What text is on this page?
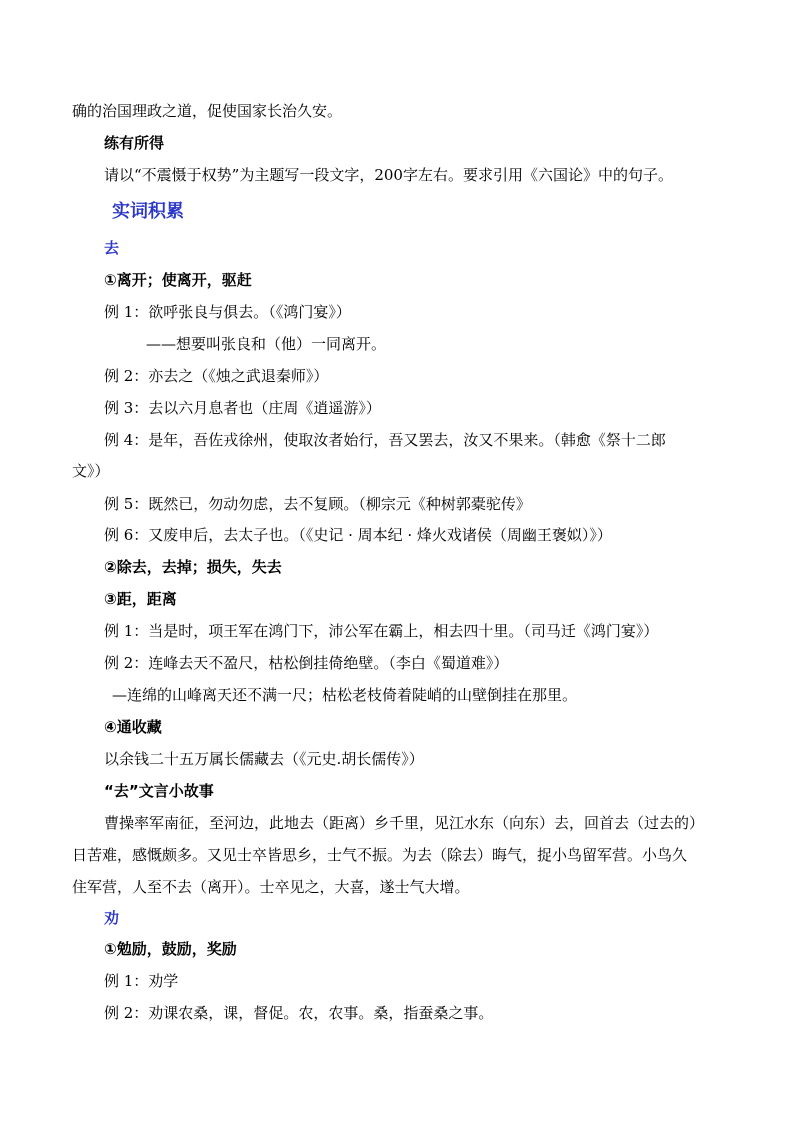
确的治国理政之道，促使国家长治久安。
练有所得
请以“不震慑于权势”为主题写一段文字，200字左右。要求引用《六国论》中的句子。
实词积累
去
①离开；使离开，驱赶
例 1：欲呼张良与俱去。（《鸿门宴》）
——想要叫张良和（他）一同离开。
例 2：亦去之（《烛之武退秦师》）
例 3：去以六月息者也（庄周《逍遥游》）
例 4：是年，吾佐戎徐州，使取汝者始行，吾又罢去，汝又不果来。（韩愈《祭十二郎
文》）
例 5：既然已，勿动勿虑，去不复顾。（柳宗元《种树郭橐驼传》
例 6：又废申后，去太子也。（《史记 · 周本纪 · 烽火戏诸侯（周幽王褒姒）》）
②除去，去掉；损失，失去
③距，距离
例 1：当是时，项王军在鸿门下，沛公军在霸上，相去四十里。（司马迁《鸿门宴》）
例 2：连峰去天不盈尺，枯松倒挂倚绝壁。（李白《蜀道难》）
—连绵的山峰离天还不满一尺；枯松老枝倚着陡峭的山壁倒挂在那里。
④通收藏
以余钱二十五万属长儒藏去（《元史.胡长儒传》）
“去”文言小故事
曹操率军南征，至河边，此地去（距离）乡千里，见江水东（向东）去，回首去（过去的）
日苦难，感慨颇多。又见士卒皆思乡，士气不振。为去（除去）晦气，捉小鸟留军营。小鸟久
住军营，人至不去（离开）。士卒见之，大喜，遂士气大增。
劝
①勉励，鼓励，奖励
例 1：劝学
例 2：劝课农桑，课，督促。农，农事。桑，指蚕桑之事。
